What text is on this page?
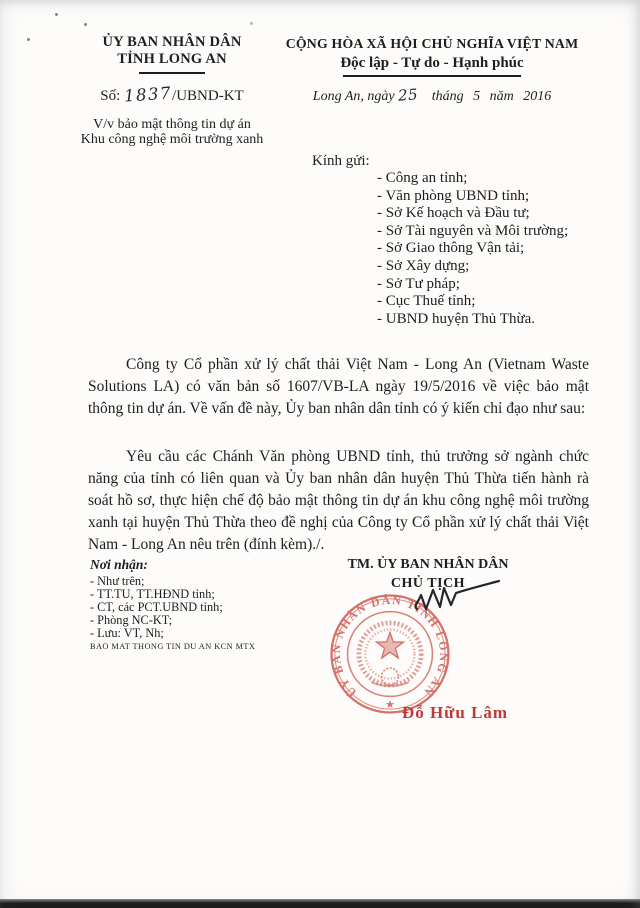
ỦY BAN NHÂN DÂN
TỈNH LONG AN
Số: 1837/UBND-KT
V/v bảo mật thông tin dự án
Khu công nghệ môi trường xanh
CỘNG HÒA XÃ HỘI CHỦ NGHĨA VIỆT NAM
Độc lập - Tự do - Hạnh phúc
Long An, ngày 25 tháng 5 năm 2016
Kính gửi:
- Công an tỉnh;
- Văn phòng UBND tỉnh;
- Sở Kế hoạch và Đầu tư;
- Sở Tài nguyên và Môi trường;
- Sở Giao thông Vận tải;
- Sở Xây dựng;
- Sở Tư pháp;
- Cục Thuế tỉnh;
- UBND huyện Thủ Thừa.

Công ty Cổ phần xử lý chất thải Việt Nam - Long An (Vietnam Waste Solutions LA) có văn bản số 1607/VB-LA ngày 19/5/2016 về việc bảo mật thông tin dự án. Về vấn đề này, Ủy ban nhân dân tỉnh có ý kiến chỉ đạo như sau:

Yêu cầu các Chánh Văn phòng UBND tỉnh, thủ trưởng sở ngành chức năng của tỉnh có liên quan và Ủy ban nhân dân huyện Thủ Thừa tiến hành rà soát hồ sơ, thực hiện chế độ bảo mật thông tin dự án khu công nghệ môi trường xanh tại huyện Thủ Thừa theo đề nghị của Công ty Cổ phần xử lý chất thải Việt Nam - Long An nêu trên (đính kèm)./.

Nơi nhận:
- Như trên;
- TT.TU, TT.HĐND tỉnh;
- CT, các PCT.UBND tỉnh;
- Phòng NC-KT;
- Lưu: VT, Nh;
BAO MAT THONG TIN DU AN KCN MTX
TM. ỦY BAN NHÂN DÂN
CHỦ TỊCH
ỦY BAN NHÂN DÂN TỈNH LONG AN
★ Đỗ Hữu Lâm
